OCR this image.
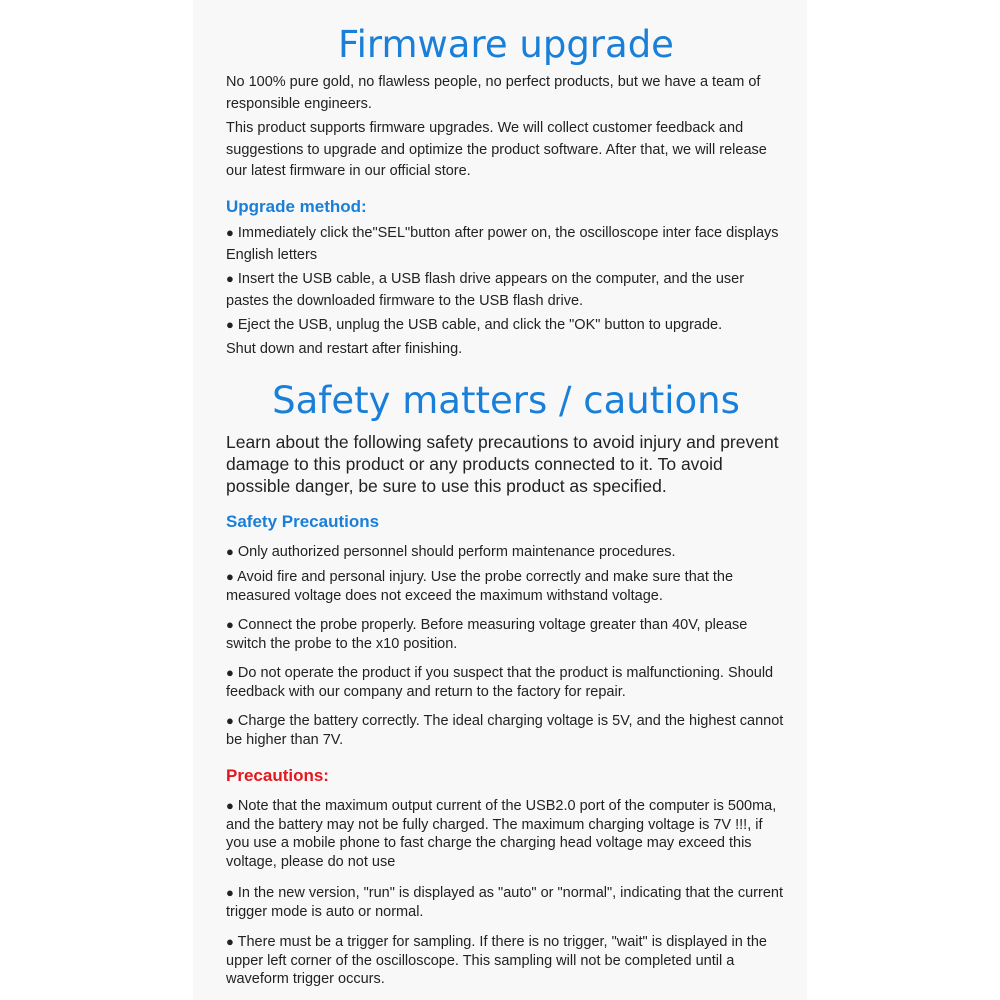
Firmware upgrade

No 100% pure gold, no flawless people, no perfect products, but we have a team of responsible engineers.

This product supports firmware upgrades. We will collect customer feedback and suggestions to upgrade and optimize the product software. After that, we will release our latest firmware in our official store.

Upgrade method:

● Immediately click the"SEL"button after power on, the oscilloscope inter face displays English letters

● Insert the USB cable, a USB flash drive appears on the computer, and the user pastes the downloaded firmware to the USB flash drive.

● Eject the USB, unplug the USB cable, and click the "OK" button to upgrade.

Shut down and restart after finishing.

Safety matters / cautions

Learn about the following safety precautions to avoid injury and prevent damage to this product or any products connected to it. To avoid possible danger, be sure to use this product as specified.

Safety Precautions

● Only authorized personnel should perform maintenance procedures.

● Avoid fire and personal injury. Use the probe correctly and make sure that the measured voltage does not exceed the maximum withstand voltage.

● Connect the probe properly. Before measuring voltage greater than 40V, please switch the probe to the x10 position.

● Do not operate the product if you suspect that the product is malfunctioning. Should feedback with our company and return to the factory for repair.

● Charge the battery correctly. The ideal charging voltage is 5V, and the highest cannot be higher than 7V.

Precautions:

● Note that the maximum output current of the USB2.0 port of the computer is 500ma, and the battery may not be fully charged. The maximum charging voltage is 7V !!!, if you use a mobile phone to fast charge the charging head voltage may exceed this voltage, please do not use

● In the new version, "run" is displayed as "auto" or "normal", indicating that the current trigger mode is auto or normal.

● There must be a trigger for sampling. If there is no trigger, "wait" is displayed in the upper left corner of the oscilloscope. This sampling will not be completed until a waveform trigger occurs.
